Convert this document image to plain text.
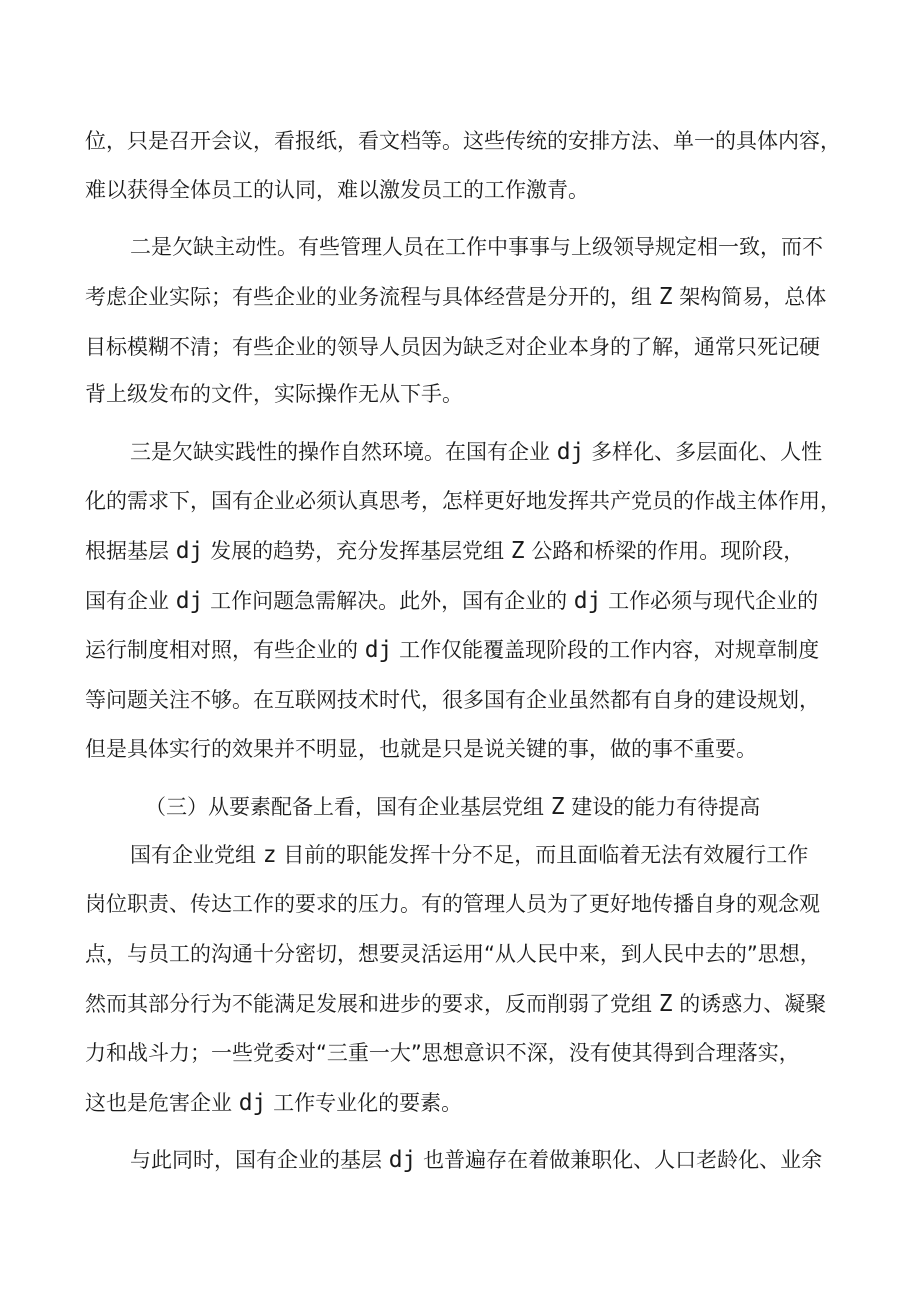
位，只是召开会议，看报纸，看文档等。这些传统的安排方法、单一的具体内容，
难以获得全体员工的认同，难以激发员工的工作激青。
二是欠缺主动性。有些管理人员在工作中事事与上级领导规定相一致，而不
考虑企业实际；有些企业的业务流程与具体经营是分开的，组 Z 架构简易，总体
目标模糊不清；有些企业的领导人员因为缺乏对企业本身的了解，通常只死记硬
背上级发布的文件，实际操作无从下手。
三是欠缺实践性的操作自然环境。在国有企业 dj 多样化、多层面化、人性
化的需求下，国有企业必须认真思考，怎样更好地发挥共产党员的作战主体作用，
根据基层 dj 发展的趋势，充分发挥基层党组 Z 公路和桥梁的作用。现阶段，
国有企业 dj 工作问题急需解决。此外，国有企业的 dj 工作必须与现代企业的
运行制度相对照，有些企业的 dj 工作仅能覆盖现阶段的工作内容，对规章制度
等问题关注不够。在互联网技术时代，很多国有企业虽然都有自身的建设规划，
但是具体实行的效果并不明显，也就是只是说关键的事，做的事不重要。
（三）从要素配备上看，国有企业基层党组 Z 建设的能力有待提高
国有企业党组 z 目前的职能发挥十分不足，而且面临着无法有效履行工作
岗位职责、传达工作的要求的压力。有的管理人员为了更好地传播自身的观念观
点，与员工的沟通十分密切，想要灵活运用“从人民中来，到人民中去的”思想，
然而其部分行为不能满足发展和进步的要求，反而削弱了党组 Z 的诱惑力、凝聚
力和战斗力；一些党委对“三重一大”思想意识不深，没有使其得到合理落实，
这也是危害企业 dj 工作专业化的要素。
与此同时，国有企业的基层 dj 也普遍存在着做兼职化、人口老龄化、业余
